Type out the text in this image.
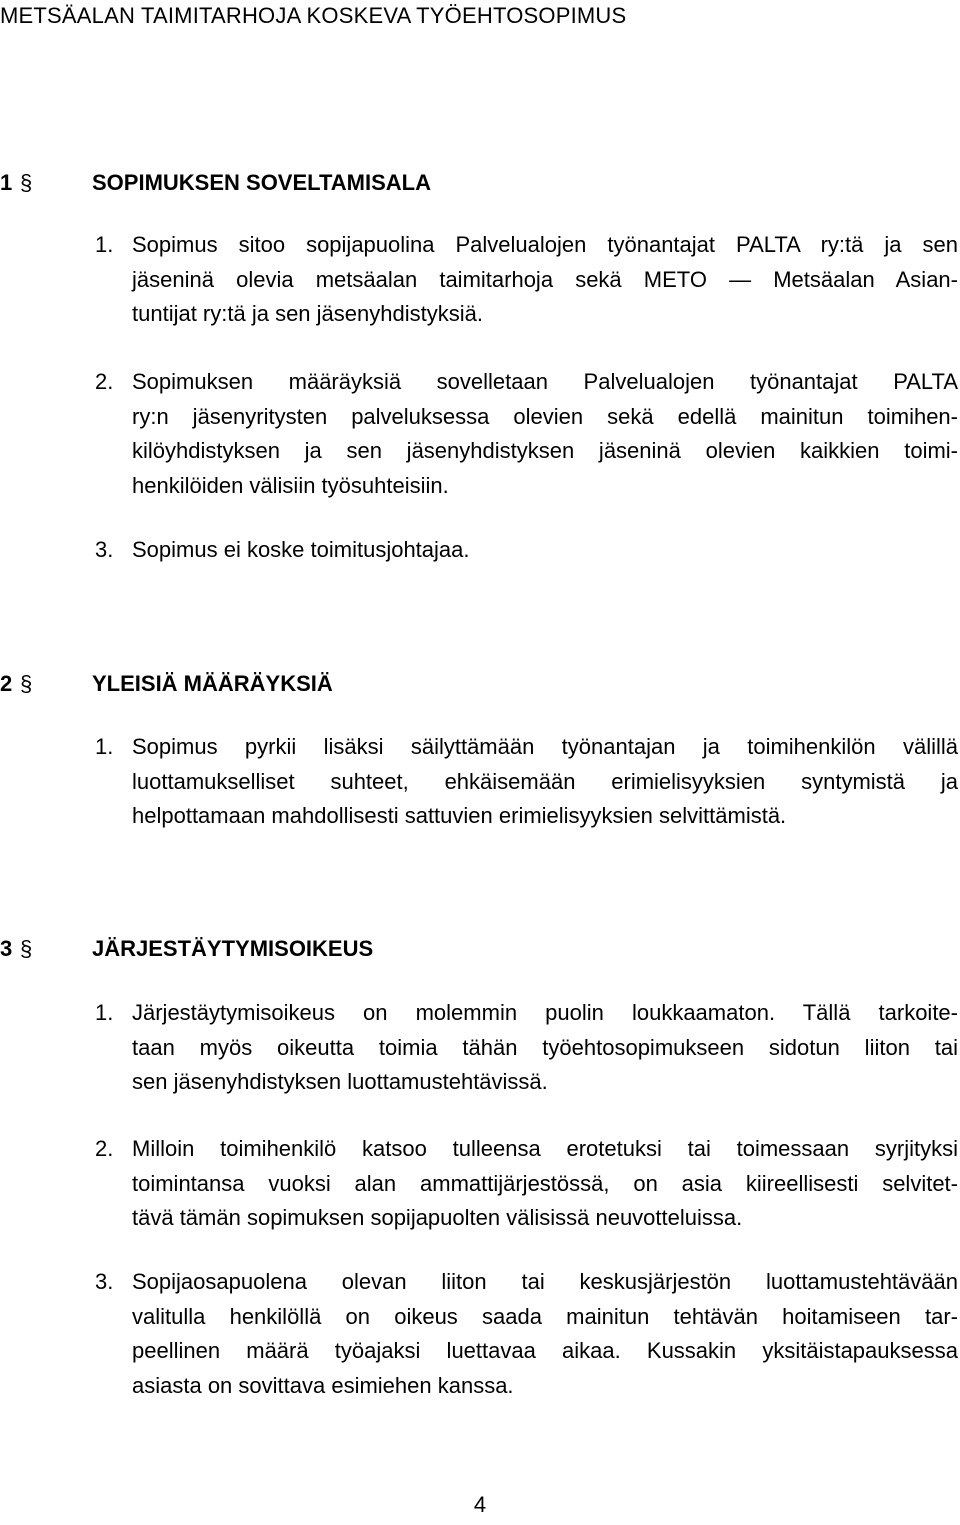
METSÄALAN TAIMITARHOJA KOSKEVA TYÖEHTOSOPIMUS
1 §	SOPIMUKSEN SOVELTAMISALA
1. Sopimus sitoo sopijapuolina Palvelualojen työnantajat PALTA ry:tä ja sen
jäseninä olevia metsäalan taimitarhoja sekä METO — Metsäalan Asian-
tuntijat ry:tä ja sen jäsenyhdistyksiä.
2. Sopimuksen määräyksiä sovelletaan Palvelualojen työnantajat PALTA
ry:n jäsenyritysten palveluksessa olevien sekä edellä mainitun toimihen-
kilöyhdistyksen ja sen jäsenyhdistyksen jäseninä olevien kaikkien toimi-
henkilöiden välisiin työsuhteisiin.
3. Sopimus ei koske toimitusjohtajaa.
2 §	YLEISIÄ MÄÄRÄYKSIÄ
1. Sopimus pyrkii lisäksi säilyttämään työnantajan ja toimihenkilön välillä
luottamukselliset suhteet, ehkäisemään erimielisyyksien syntymistä ja
helpottamaan mahdollisesti sattuvien erimielisyyksien selvittämistä.
3 §	JÄRJESTÄYTYMISOIKEUS
1. Järjestäytymisoikeus on molemmin puolin loukkaamaton. Tällä tarkoite-
taan myös oikeutta toimia tähän työehtosopimukseen sidotun liiton tai
sen jäsenyhdistyksen luottamustehtävissä.
2. Milloin toimihenkilö katsoo tulleensa erotetuksi tai toimessaan syrjityksi
toimintansa vuoksi alan ammattijärjestössä, on asia kiireellisesti selvitet-
tävä tämän sopimuksen sopijapuolten välisissä neuvotteluissa.
3. Sopijaosapuolena olevan liiton tai keskusjärjestön luottamustehtävään
valitulla henkilöllä on oikeus saada mainitun tehtävän hoitamiseen tar-
peellinen määrä työajaksi luettavaa aikaa. Kussakin yksitäistapauksessa
asiasta on sovittava esimiehen kanssa.
4
